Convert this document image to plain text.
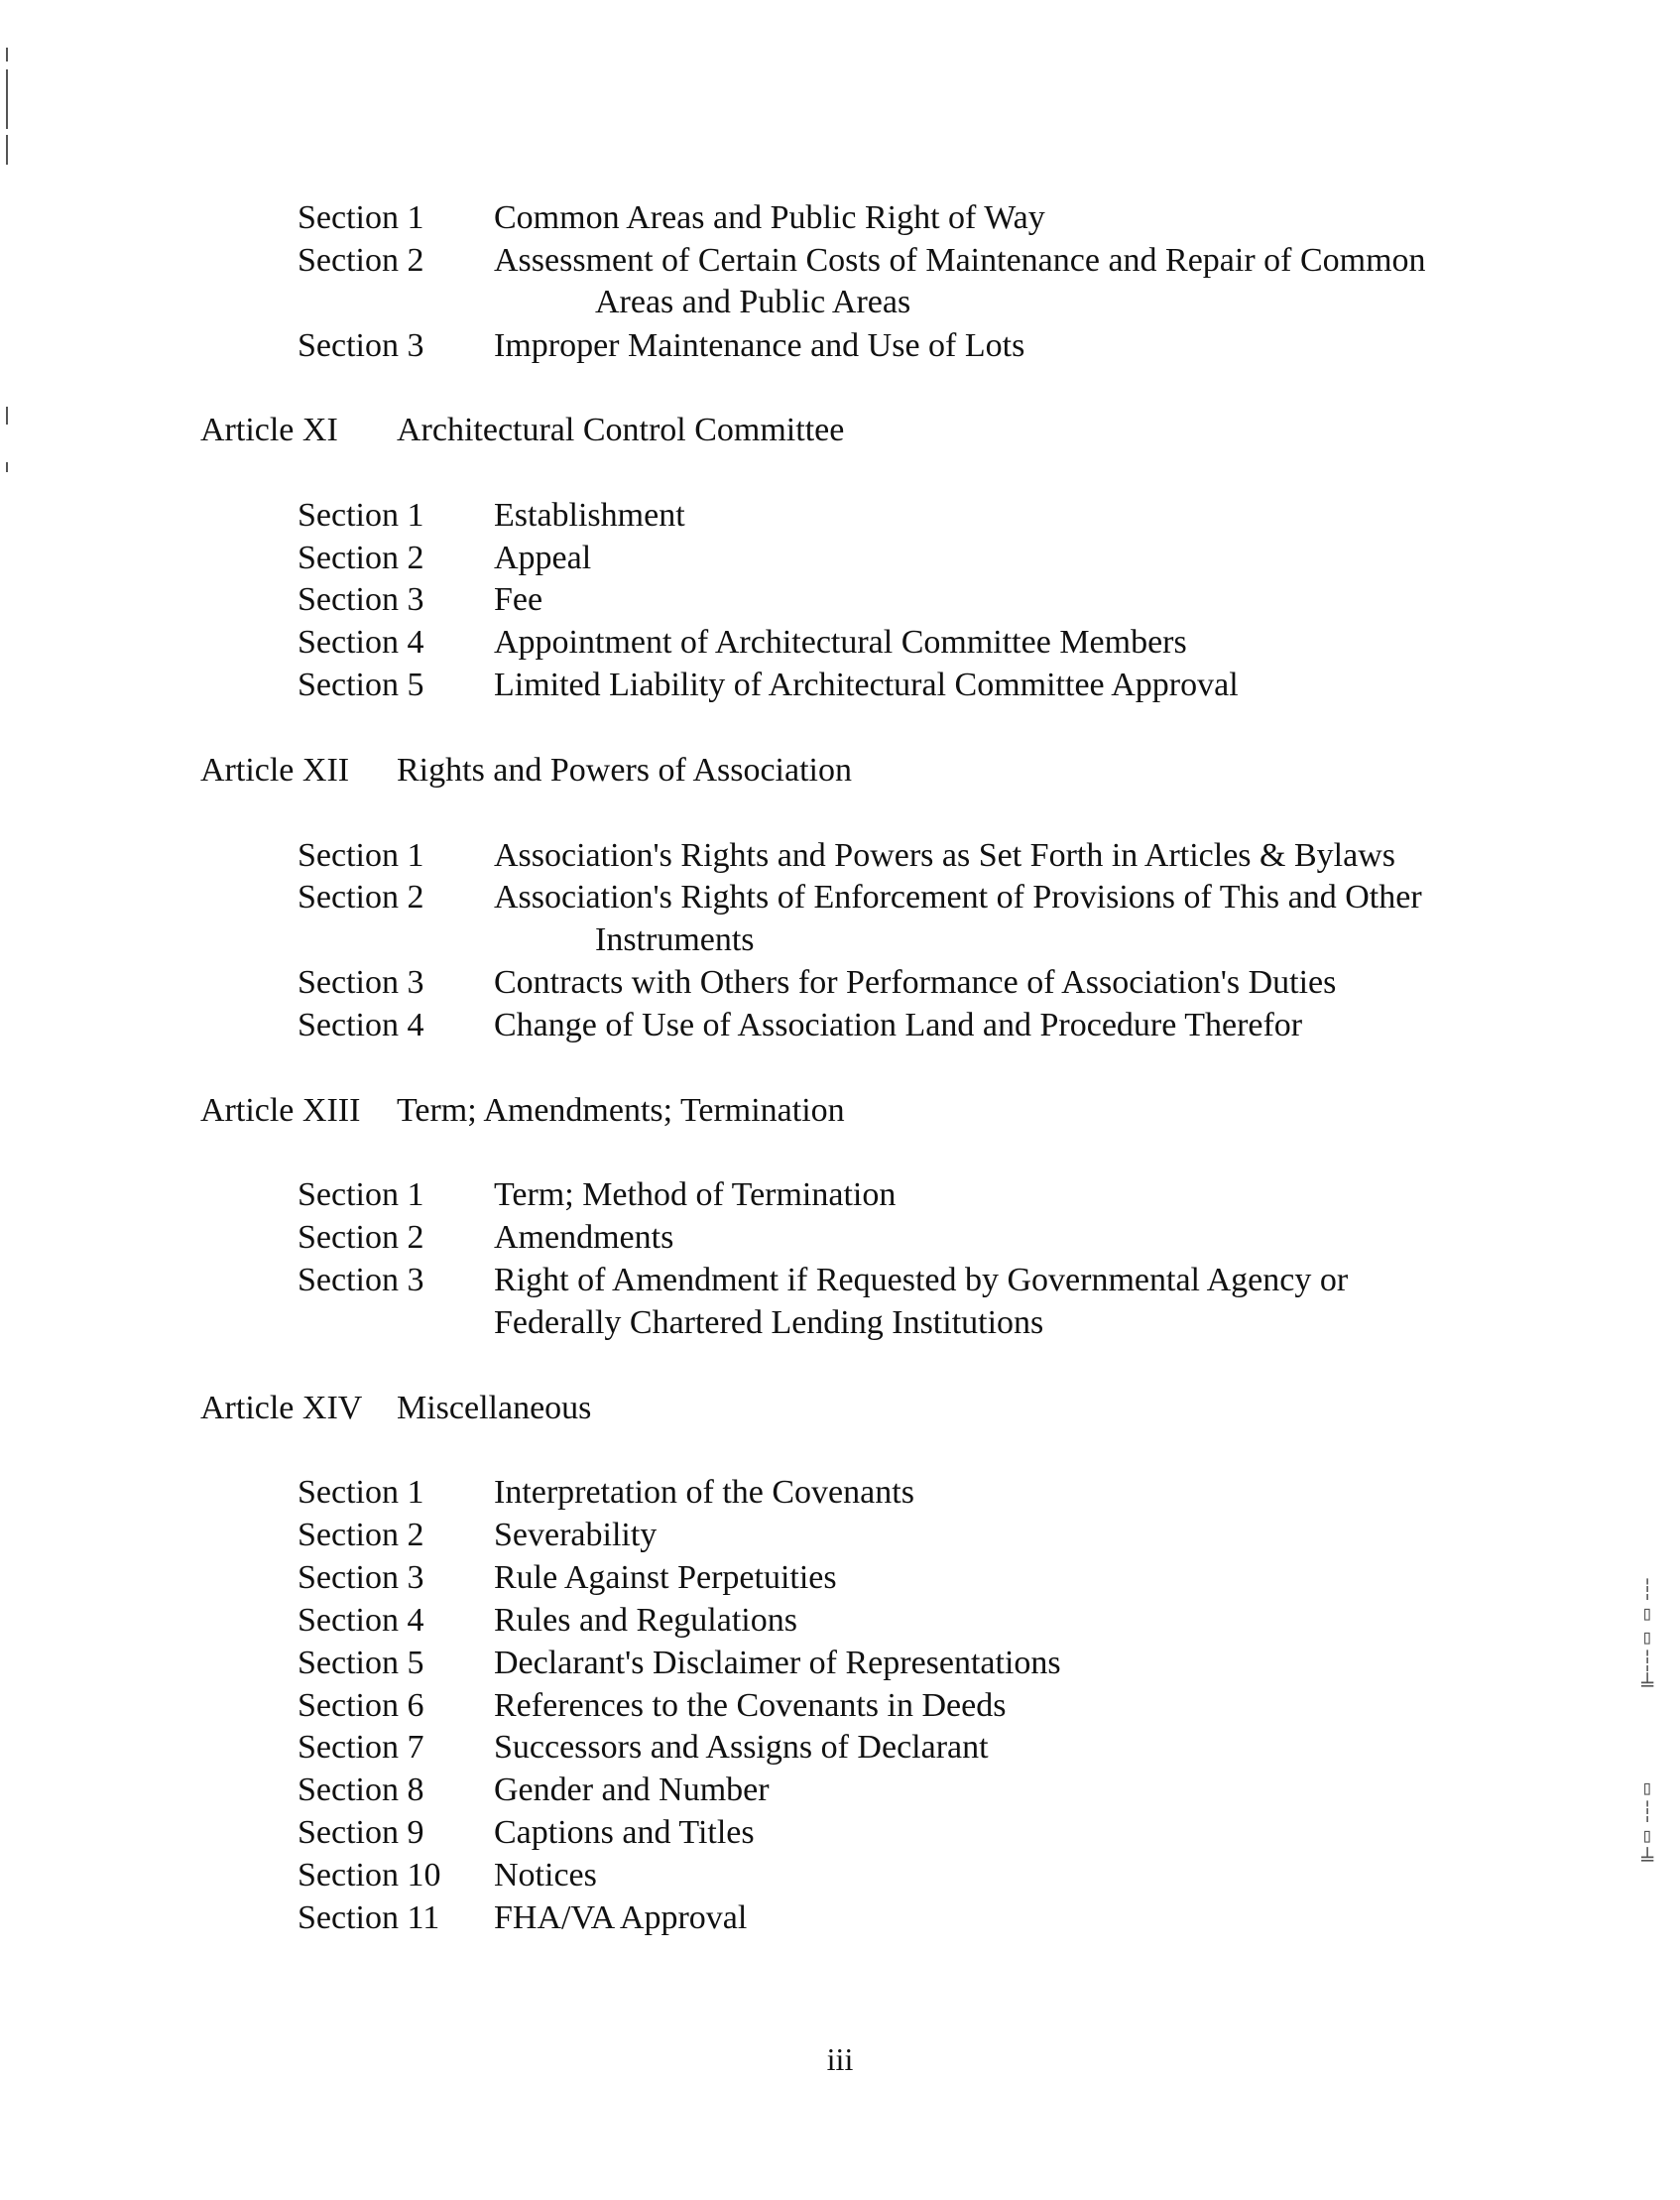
┆
▯
▯
┆
╧
▯
┆
▯
╧
Section 1 Common Areas and Public Right of Way
Section 2 Assessment of Certain Costs of Maintenance and Repair of Common
Areas and Public Areas
Section 3 Improper Maintenance and Use of Lots
Article XI Architectural Control Committee
Section 1 Establishment
Section 2 Appeal
Section 3 Fee
Section 4 Appointment of Architectural Committee Members
Section 5 Limited Liability of Architectural Committee Approval
Article XII Rights and Powers of Association
Section 1 Association's Rights and Powers as Set Forth in Articles & Bylaws
Section 2 Association's Rights of Enforcement of Provisions of This and Other
Instruments
Section 3 Contracts with Others for Performance of Association's Duties
Section 4 Change of Use of Association Land and Procedure Therefor
Article XIII Term; Amendments; Termination
Section 1 Term; Method of Termination
Section 2 Amendments
Section 3 Right of Amendment if Requested by Governmental Agency or
Federally Chartered Lending Institutions
Article XIV Miscellaneous
Section 1 Interpretation of the Covenants
Section 2 Severability
Section 3 Rule Against Perpetuities
Section 4 Rules and Regulations
Section 5 Declarant's Disclaimer of Representations
Section 6 References to the Covenants in Deeds
Section 7 Successors and Assigns of Declarant
Section 8 Gender and Number
Section 9 Captions and Titles
Section 10 Notices
Section 11 FHA/VA Approval
iii
